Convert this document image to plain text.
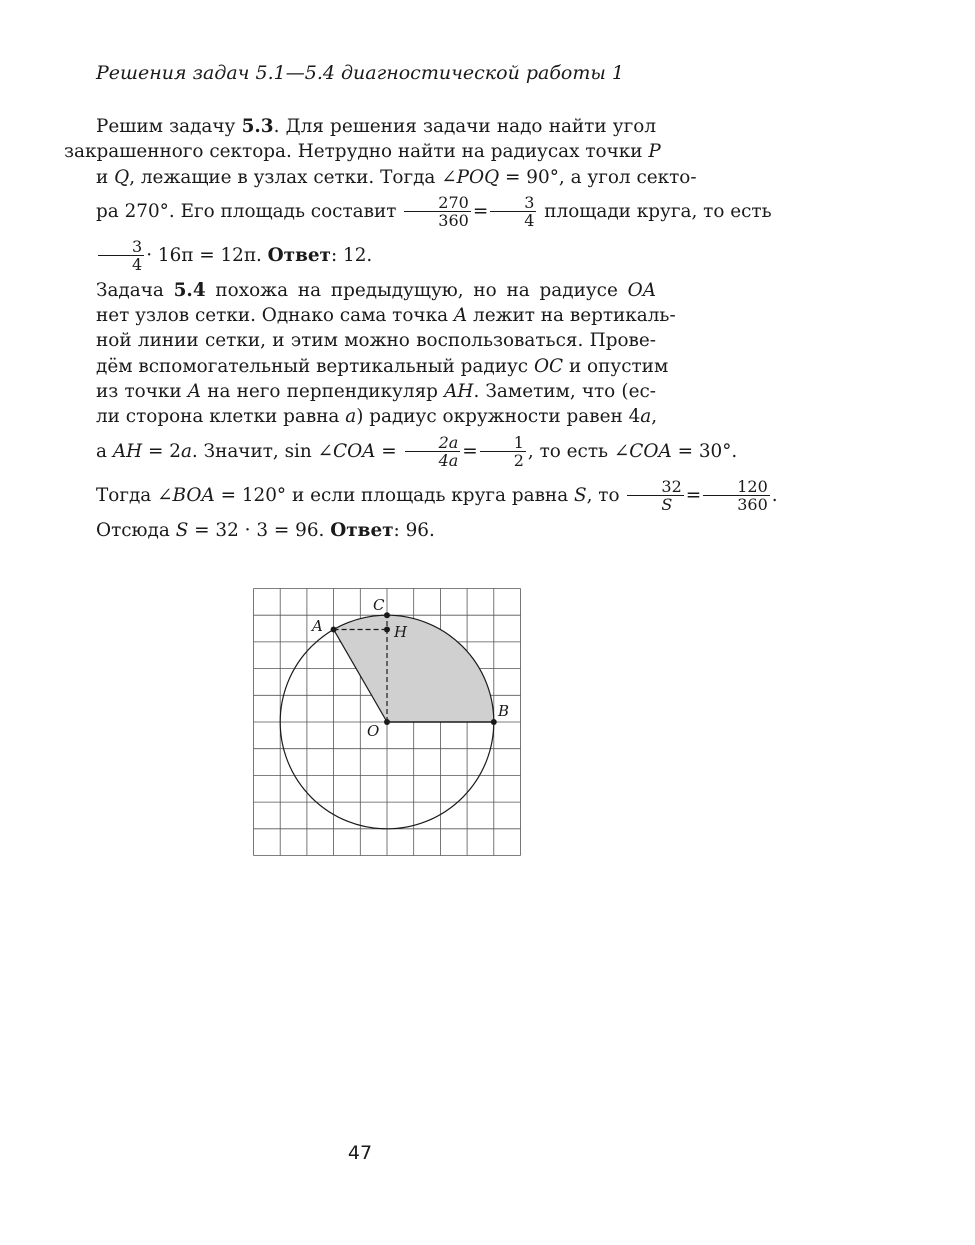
Решения задач 5.1—5.4 диагностической работы 1
Решим задачу 5.3. Для решения задачи надо найти угол
закрашенного сектора. Нетрудно найти на радиусах точки P
и Q, лежащие в узлах сетки. Тогда ∠POQ = 90°, а угол секто-
ра 270°. Его площадь составит $\frac{270}{360} = \frac{3}{4}$ площади круга, то есть
$\frac{3}{4} \cdot 16\pi = 12\pi$. Ответ: 12.
Задача 5.4 похожа на предыдущую, но на радиусе OA
нет узлов сетки. Однако сама точка A лежит на вертикаль-
ной линии сетки, и этим можно воспользоваться. Прове-
дём вспомогательный вертикальный радиус OC и опустим
из точки A на него перпендикуляр AH. Заметим, что (ес-
ли сторона клетки равна a) радиус окружности равен 4a,
а AH = 2a. Значит, sin ∠COA = $\frac{2a}{4a} = \frac{1}{2}$ , то есть ∠COA = 30°.
Тогда ∠BOA = 120° и если площадь круга равна S, то $\frac{32}{S} = \frac{120}{360}$ .
Отсюда S = 32 · 3 = 96. Ответ: 96.
C
A	H
O
B
47
